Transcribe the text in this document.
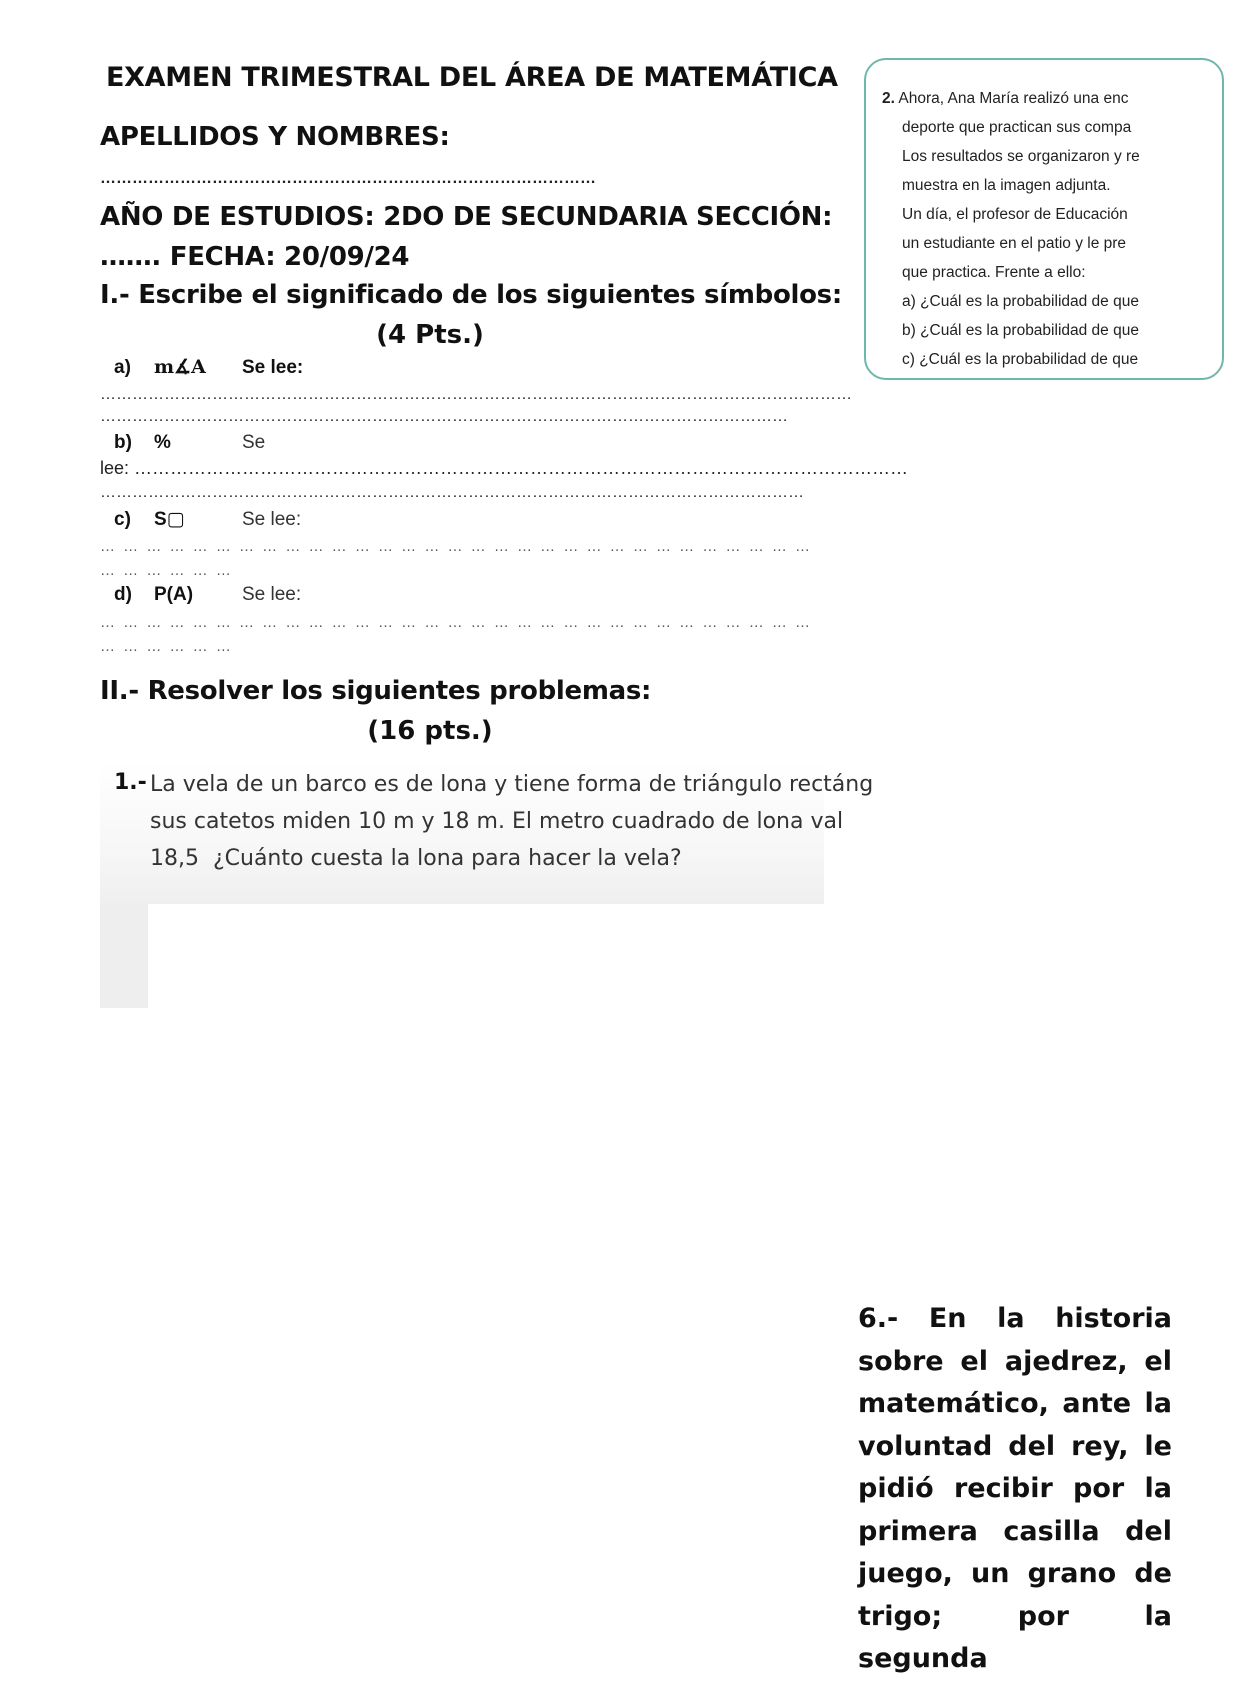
EXAMEN TRIMESTRAL DEL ÁREA DE MATEMÁTICA
APELLIDOS Y NOMBRES:
…………………………………………………………………………………
AÑO DE ESTUDIOS: 2DO DE SECUNDARIA SECCIÓN:
……. FECHA: 20/09/24
I.- Escribe el significado de los siguientes símbolos:
(4 Pts.)
a) m∡A Se lee:
……………………………………………………………………………………………………………………………
…………………………………………………………………………………………………………………
b) %	Se
lee: …………………………………………………………………………………………………………………
……………………………………………………………………………………………………………………
c) S▢	Se lee:
… … … … … … … … … … … … … … … … … … … … … … … … … … … … … … …
… … … … … …
d) P(A)	Se lee:
… … … … … … … … … … … … … … … … … … … … … … … … … … … … … … …
… … … … … …
II.- Resolver los siguientes problemas:
(16 pts.)
1.- La vela de un barco es de lona y tiene forma de triángulo rectáng
sus catetos miden 10 m y 18 m. El metro cuadrado de lona val
18,5  ¿Cuánto cuesta la lona para hacer la vela?
2. Ahora, Ana María realizó una enc
deporte que practican sus compa
Los resultados se organizaron y re
muestra en la imagen adjunta.
Un día, el profesor de Educación
un estudiante en el patio y le pre
que practica. Frente a ello:
a) ¿Cuál es la probabilidad de que
b) ¿Cuál es la probabilidad de que
c) ¿Cuál es la probabilidad de que
6.- En la historia sobre el ajedrez, el matemático, ante la voluntad del rey, le pidió recibir por la primera casilla del juego, un grano de trigo; por la segunda
